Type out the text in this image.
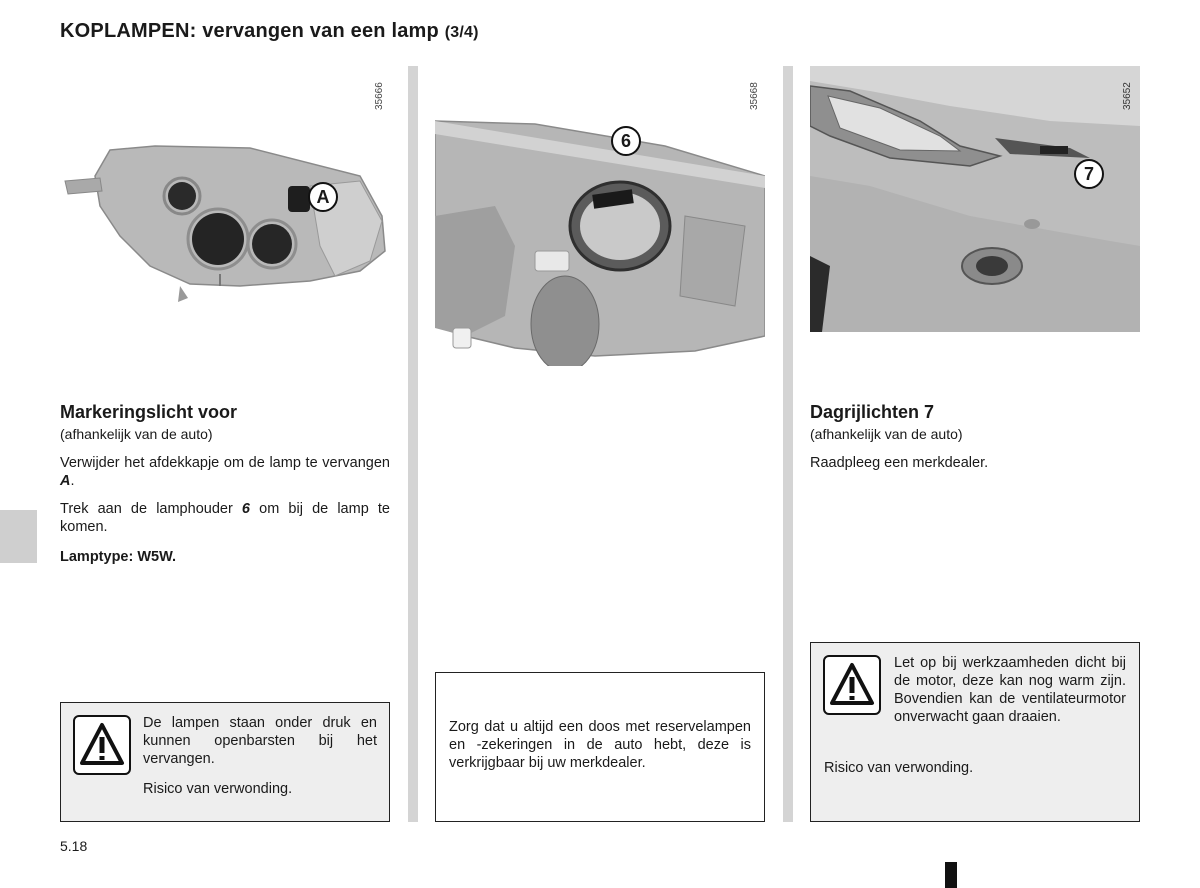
KOPLAMPEN: vervangen van een lamp (3/4)
A
35666
6
35668
7
35652
Markeringslicht voor
(afhankelijk van de auto)
Verwijder het afdekkapje om de lamp te vervangen A.
Trek aan de lamphouder 6 om bij de lamp te komen.
Lamptype: W5W.
De lampen staan onder druk en kunnen openbarsten bij het vervangen.
Risico van verwonding.
Zorg dat u altijd een doos met reservelampen en -zekeringen in de auto hebt, deze is verkrijgbaar bij uw merkdealer.
Dagrijlichten 7
(afhankelijk van de auto)
Raadpleeg een merkdealer.
Let op bij werkzaamheden dicht bij de motor, deze kan nog warm zijn. Bovendien kan de ventilateurmotor onverwacht gaan draaien.
Risico van verwonding.
5.18
